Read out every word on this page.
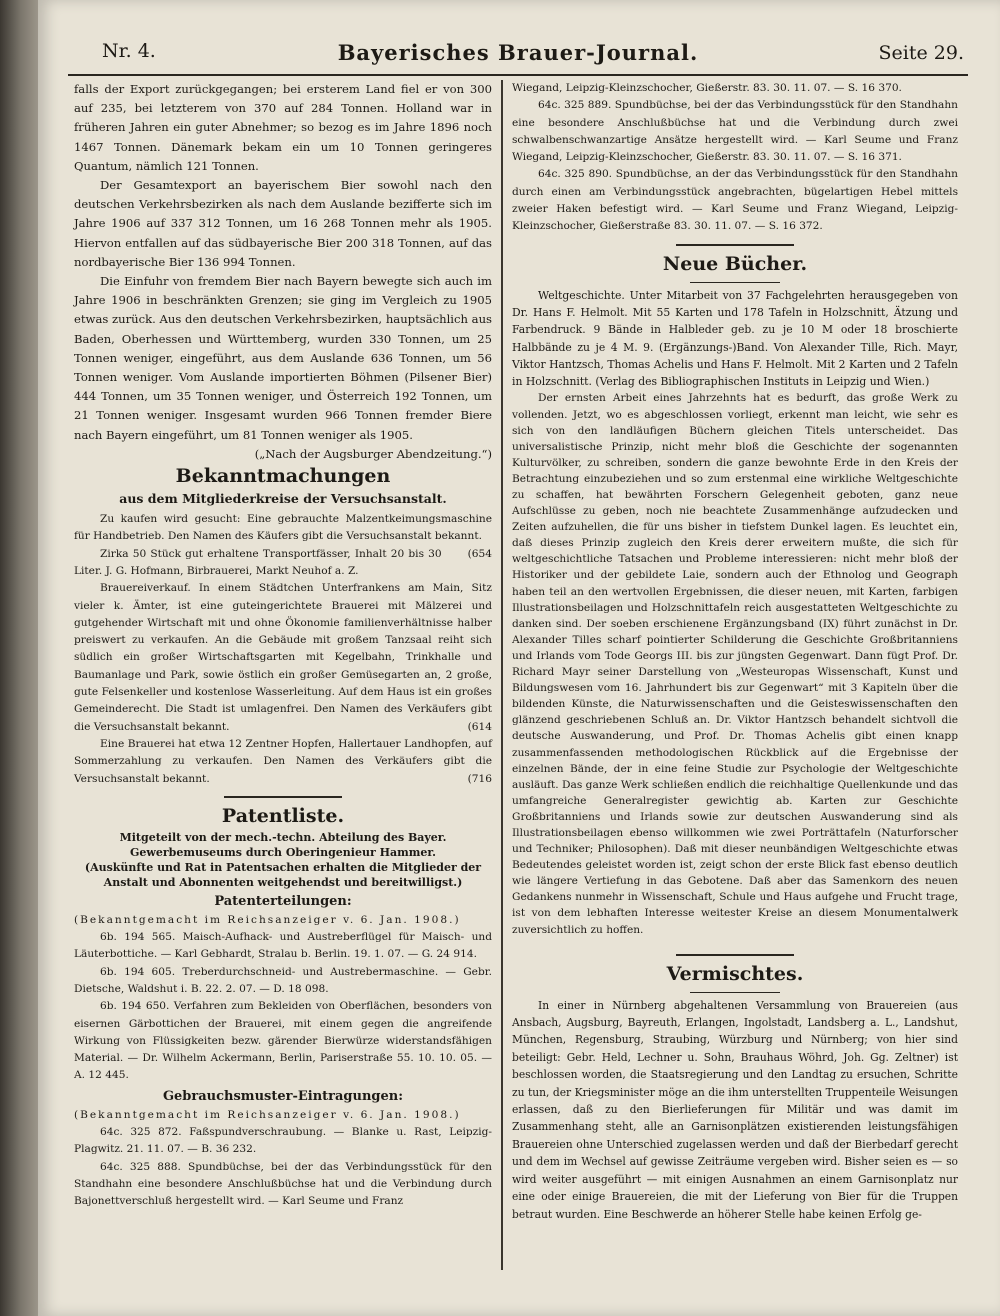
Nr. 4.	Bayerisches Brauer-Journal.	Seite 29.

falls der Export zurückgegangen; bei ersterem Land fiel er von 300 auf 235, bei letzterem von 370 auf 284 Tonnen. Holland war in früheren Jahren ein guter Abnehmer; so bezog es im Jahre 1896 noch 1467 Tonnen. Dänemark bekam ein um 10 Tonnen geringeres Quantum, nämlich 121 Tonnen.

Der Gesamtexport an bayerischem Bier sowohl nach den deutschen Verkehrsbezirken als nach dem Auslande bezifferte sich im Jahre 1906 auf 337 312 Tonnen, um 16 268 Tonnen mehr als 1905. Hiervon entfallen auf das südbayerische Bier 200 318 Tonnen, auf das nordbayerische Bier 136 994 Tonnen.

Die Einfuhr von fremdem Bier nach Bayern bewegte sich auch im Jahre 1906 in beschränkten Grenzen; sie ging im Vergleich zu 1905 etwas zurück. Aus den deutschen Verkehrsbezirken, hauptsächlich aus Baden, Oberhessen und Württemberg, wurden 330 Tonnen, um 25 Tonnen weniger, eingeführt, aus dem Auslande 636 Tonnen, um 56 Tonnen weniger. Vom Auslande importierten Böhmen (Pilsener Bier) 444 Tonnen, um 35 Tonnen weniger, und Österreich 192 Tonnen, um 21 Tonnen weniger. Insgesamt wurden 966 Tonnen fremder Biere nach Bayern eingeführt, um 81 Tonnen weniger als 1905.
(„Nach der Augsburger Abendzeitung.“)

Bekanntmachungen
aus dem Mitgliederkreise der Versuchsanstalt.

Zu kaufen wird gesucht: Eine gebrauchte Malzentkeimungsmaschine für Handbetrieb. Den Namen des Käufers gibt die Versuchsanstalt bekannt.
(654

Zirka 50 Stück gut erhaltene Transportfässer, Inhalt 20 bis 30 Liter. J. G. Hofmann, Birbrauerei, Markt Neuhof a. Z.

Brauereiverkauf. In einem Städtchen Unterfrankens am Main, Sitz vieler k. Ämter, ist eine guteingerichtete Brauerei mit Mälzerei und gutgehender Wirtschaft mit und ohne Ökonomie familienverhältnisse halber preiswert zu verkaufen. An die Gebäude mit großem Tanzsaal reiht sich südlich ein großer Wirtschaftsgarten mit Kegelbahn, Trinkhalle und Baumanlage und Park, sowie östlich ein großer Gemüsegarten an, 2 große, gute Felsenkeller und kostenlose Wasserleitung. Auf dem Haus ist ein großes Gemeinderecht. Die Stadt ist umlagenfrei. Den Namen des Verkäufers gibt die Versuchsanstalt bekannt.	(614

Eine Brauerei hat etwa 12 Zentner Hopfen, Hallertauer Landhopfen, auf Sommerzahlung zu verkaufen. Den Namen des Verkäufers gibt die Versuchsanstalt bekannt.	(716

Patentliste.
Mitgeteilt von der mech.-techn. Abteilung des Bayer. Gewerbemuseums durch Oberingenieur Hammer.
(Auskünfte und Rat in Patentsachen erhalten die Mitglieder der Anstalt und Abonnenten weitgehendst und bereitwilligst.)
Patenterteilungen:

(Bekanntgemacht im Reichsanzeiger v. 6. Jan. 1908.)

6b. 194 565. Maisch-Aufhack- und Austreberflügel für Maisch- und Läuterbottiche. — Karl Gebhardt, Stralau b. Berlin. 19. 1. 07. — G. 24 914.

6b. 194 605. Treberdurchschneid- und Austrebermaschine. — Gebr. Dietsche, Waldshut i. B. 22. 2. 07. — D. 18 098.

6b. 194 650. Verfahren zum Bekleiden von Oberflächen, besonders von eisernen Gärbottichen der Brauerei, mit einem gegen die angreifende Wirkung von Flüssigkeiten bezw. gärender Bierwürze widerstandsfähigen Material. — Dr. Wilhelm Ackermann, Berlin, Pariserstraße 55. 10. 10. 05. — A. 12 445.

Gebrauchsmuster-Eintragungen:

(Bekanntgemacht im Reichsanzeiger v. 6. Jan. 1908.)

64c. 325 872. Faßspundverschraubung. — Blanke u. Rast, Leipzig-Plagwitz. 21. 11. 07. — B. 36 232.

64c. 325 888. Spundbüchse, bei der das Verbindungsstück für den Standhahn eine besondere Anschlußbüchse hat und die Verbindung durch Bajonettverschluß hergestellt wird. — Karl Seume und Franz

Wiegand, Leipzig-Kleinzschocher, Gießerstr. 83. 30. 11. 07. — S. 16 370.

64c. 325 889. Spundbüchse, bei der das Verbindungsstück für den Standhahn eine besondere Anschlußbüchse hat und die Verbindung durch zwei schwalbenschwanzartige Ansätze hergestellt wird. — Karl Seume und Franz Wiegand, Leipzig-Kleinzschocher, Gießerstr. 83. 30. 11. 07. — S. 16 371.

64c. 325 890. Spundbüchse, an der das Verbindungsstück für den Standhahn durch einen am Verbindungsstück angebrachten, bügelartigen Hebel mittels zweier Haken befestigt wird. — Karl Seume und Franz Wiegand, Leipzig-Kleinzschocher, Gießerstraße 83. 30. 11. 07. — S. 16 372.

Neue Bücher.

Weltgeschichte. Unter Mitarbeit von 37 Fachgelehrten herausgegeben von Dr. Hans F. Helmolt. Mit 55 Karten und 178 Tafeln in Holzschnitt, Ätzung und Farbendruck. 9 Bände in Halbleder geb. zu je 10 M oder 18 broschierte Halbbände zu je 4 M. 9. (Ergänzungs-)Band. Von Alexander Tille, Rich. Mayr, Viktor Hantzsch, Thomas Achelis und Hans F. Helmolt. Mit 2 Karten und 2 Tafeln in Holzschnitt. (Verlag des Bibliographischen Instituts in Leipzig und Wien.)

Der ernsten Arbeit eines Jahrzehnts hat es bedurft, das große Werk zu vollenden. Jetzt, wo es abgeschlossen vorliegt, erkennt man leicht, wie sehr es sich von den landläufigen Büchern gleichen Titels unterscheidet. Das universalistische Prinzip, nicht mehr bloß die Geschichte der sogenannten Kulturvölker, zu schreiben, sondern die ganze bewohnte Erde in den Kreis der Betrachtung einzubeziehen und so zum erstenmal eine wirkliche Weltgeschichte zu schaffen, hat bewährten Forschern Gelegenheit geboten, ganz neue Aufschlüsse zu geben, noch nie beachtete Zusammenhänge aufzudecken und Zeiten aufzuhellen, die für uns bisher in tiefstem Dunkel lagen. Es leuchtet ein, daß dieses Prinzip zugleich den Kreis derer erweitern mußte, die sich für weltgeschichtliche Tatsachen und Probleme interessieren: nicht mehr bloß der Historiker und der gebildete Laie, sondern auch der Ethnolog und Geograph haben teil an den wertvollen Ergebnissen, die dieser neuen, mit Karten, farbigen Illustrationsbeilagen und Holzschnittafeln reich ausgestatteten Weltgeschichte zu danken sind. Der soeben erschienene Ergänzungsband (IX) führt zunächst in Dr. Alexander Tilles scharf pointierter Schilderung die Geschichte Großbritanniens und Irlands vom Tode Georgs III. bis zur jüngsten Gegenwart. Dann fügt Prof. Dr. Richard Mayr seiner Darstellung von „Westeuropas Wissenschaft, Kunst und Bildungswesen vom 16. Jahrhundert bis zur Gegenwart“ mit 3 Kapiteln über die bildenden Künste, die Naturwissenschaften und die Geisteswissenschaften den glänzend geschriebenen Schluß an. Dr. Viktor Hantzsch behandelt sichtvoll die deutsche Auswanderung, und Prof. Dr. Thomas Achelis gibt einen knapp zusammenfassenden methodologischen Rückblick auf die Ergebnisse der einzelnen Bände, der in eine feine Studie zur Psychologie der Weltgeschichte ausläuft. Das ganze Werk schließen endlich die reichhaltige Quellenkunde und das umfangreiche Generalregister gewichtig ab. Karten zur Geschichte Großbritanniens und Irlands sowie zur deutschen Auswanderung sind als Illustrationsbeilagen ebenso willkommen wie zwei Porträttafeln (Naturforscher und Techniker; Philosophen). Daß mit dieser neunbändigen Weltgeschichte etwas Bedeutendes geleistet worden ist, zeigt schon der erste Blick fast ebenso deutlich wie längere Vertiefung in das Gebotene. Daß aber das Samenkorn des neuen Gedankens nunmehr in Wissenschaft, Schule und Haus aufgehe und Frucht trage, ist von dem lebhaften Interesse weitester Kreise an diesem Monumentalwerk zuversichtlich zu hoffen.

Vermischtes.

In einer in Nürnberg abgehaltenen Versammlung von Brauereien (aus Ansbach, Augsburg, Bayreuth, Erlangen, Ingolstadt, Landsberg a. L., Landshut, München, Regensburg, Straubing, Würzburg und Nürnberg; von hier sind beteiligt: Gebr. Held, Lechner u. Sohn, Brauhaus Wöhrd, Joh. Gg. Zeltner) ist beschlossen worden, die Staatsregierung und den Landtag zu ersuchen, Schritte zu tun, der Kriegsminister möge an die ihm unterstellten Truppenteile Weisungen erlassen, daß zu den Bierlieferungen für Militär und was damit im Zusammenhang steht, alle an Garnisonplätzen existierenden leistungsfähigen Brauereien ohne Unterschied zugelassen werden und daß der Bierbedarf gerecht und dem im Wechsel auf gewisse Zeiträume vergeben wird. Bisher seien es — so wird weiter ausgeführt — mit einigen Ausnahmen an einem Garnisonplatz nur eine oder einige Brauereien, die mit der Lieferung von Bier für die Truppen betraut wurden. Eine Beschwerde an höherer Stelle habe keinen Erfolg ge-
